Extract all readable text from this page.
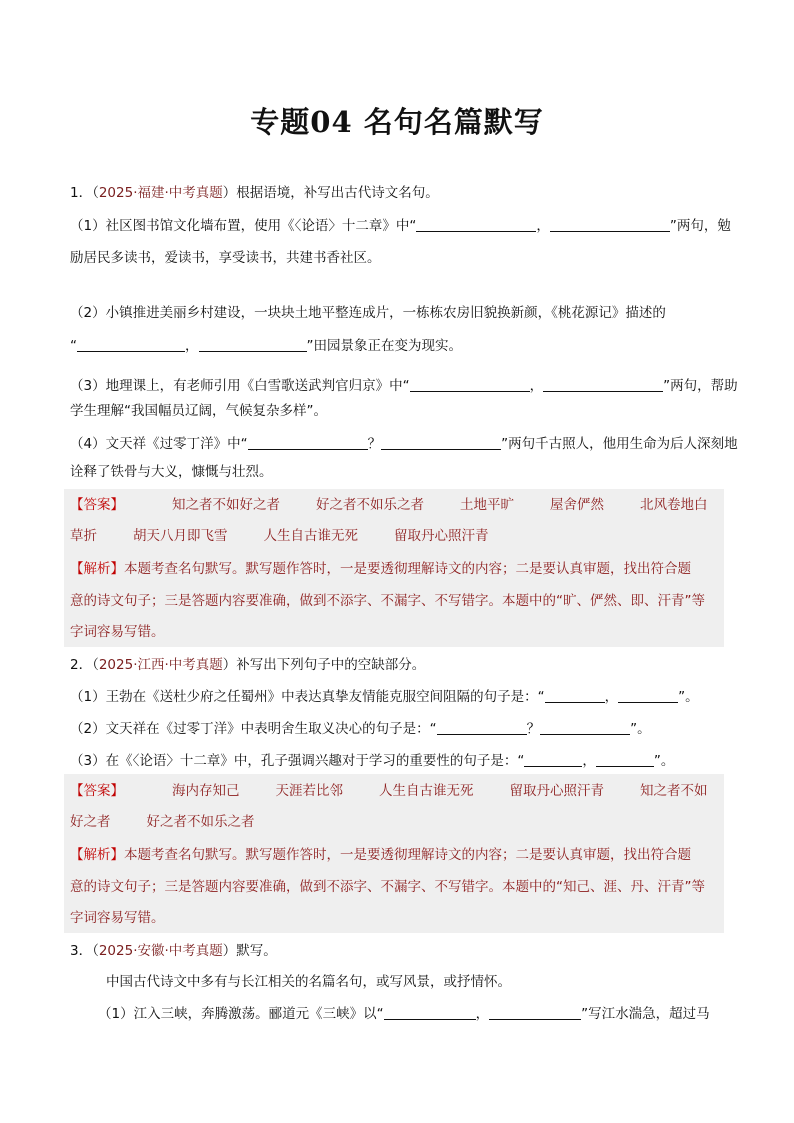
专题04 名句名篇默写
1．（2025·福建·中考真题）根据语境，补写出古代诗文名句。
（1）社区图书馆文化墙布置，使用《〈论语〉十二章》中“	，	”两句，勉
励居民多读书，爱读书，享受读书，共建书香社区。
（2）小镇推进美丽乡村建设，一块块土地平整连成片，一栋栋农房旧貌换新颜，《桃花源记》描述的
“	，	”田园景象正在变为现实。
（3）地理课上，有老师引用《白雪歌送武判官归京》中“	，	”两句，帮助
学生理解“我国幅员辽阔，气候复杂多样”。
（4）文天祥《过零丁洋》中“	？	”两句千古照人，他用生命为后人深刻地
诠释了铁骨与大义，慷慨与壮烈。
【答案】	知之者不如好之者	好之者不如乐之者	土地平旷	屋舍俨然	北风卷地白
草折	胡天八月即飞雪	人生自古谁无死	留取丹心照汗青
【解析】本题考查名句默写。默写题作答时，一是要透彻理解诗文的内容；二是要认真审题，找出符合题
意的诗文句子；三是答题内容要准确，做到不添字、不漏字、不写错字。本题中的“旷、俨然、即、汗青”等
字词容易写错。
2．（2025·江西·中考真题）补写出下列句子中的空缺部分。
（1）王勃在《送杜少府之任蜀州》中表达真挚友情能克服空间阻隔的句子是：“	，	”。
（2）文天祥在《过零丁洋》中表明舍生取义决心的句子是：“	？	”。
（3）在《〈论语〉十二章》中，孔子强调兴趣对于学习的重要性的句子是：“	，	”。
【答案】	海内存知己	天涯若比邻	人生自古谁无死	留取丹心照汗青	知之者不如
好之者	好之者不如乐之者
【解析】本题考查名句默写。默写题作答时，一是要透彻理解诗文的内容；二是要认真审题，找出符合题
意的诗文句子；三是答题内容要准确，做到不添字、不漏字、不写错字。本题中的“知己、涯、丹、汗青”等
字词容易写错。
3．（2025·安徽·中考真题）默写。
中国古代诗文中多有与长江相关的名篇名句，或写风景，或抒情怀。
（1）江入三峡，奔腾激荡。郦道元《三峡》以“	，	”写江水湍急，超过马
